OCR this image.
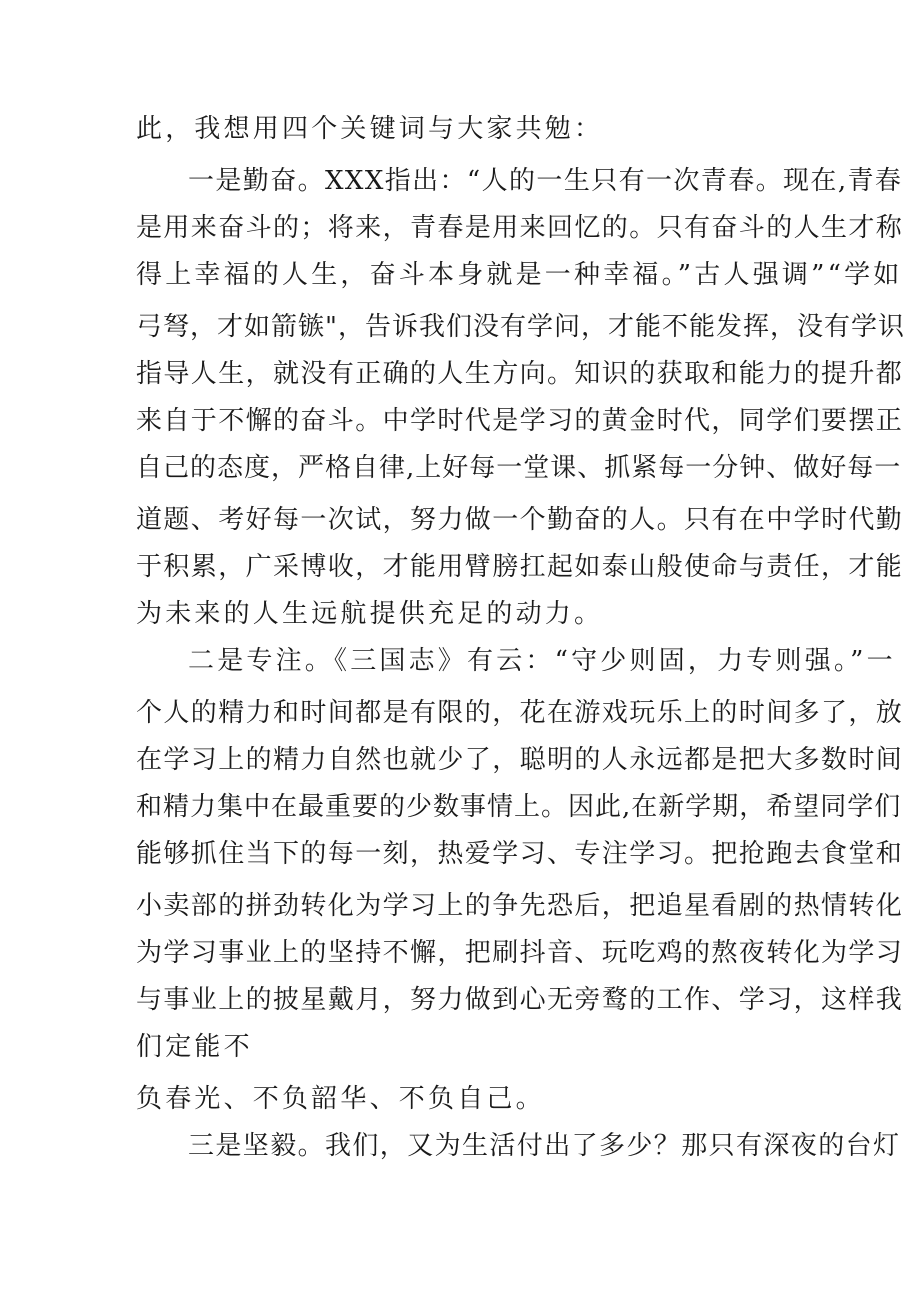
此，我想用四个关键词与大家共勉：
一是勤奋。XXX指出：“人的一生只有一次青春。现在,青春
是用来奋斗的；将来，青春是用来回忆的。只有奋斗的人生才称
得上幸福的人生，奋斗本身就是一种幸福。”古人强调”“学如
弓弩，才如箭镞"，告诉我们没有学问，才能不能发挥，没有学识
指导人生，就没有正确的人生方向。知识的获取和能力的提升都
来自于不懈的奋斗。中学时代是学习的黄金时代，同学们要摆正
自己的态度，严格自律,上好每一堂课、抓紧每一分钟、做好每一
道题、考好每一次试，努力做一个勤奋的人。只有在中学时代勤
于积累，广采博收，才能用臂膀扛起如泰山般使命与责任，才能
为未来的人生远航提供充足的动力。
二是专注。《三国志》有云：“守少则固，力专则强。”一
个人的精力和时间都是有限的，花在游戏玩乐上的时间多了，放
在学习上的精力自然也就少了，聪明的人永远都是把大多数时间
和精力集中在最重要的少数事情上。因此,在新学期，希望同学们
能够抓住当下的每一刻，热爱学习、专注学习。把抢跑去食堂和
小卖部的拼劲转化为学习上的争先恐后，把追星看剧的热情转化
为学习事业上的坚持不懈，把刷抖音、玩吃鸡的熬夜转化为学习
与事业上的披星戴月，努力做到心无旁鹜的工作、学习，这样我
们定能不
负春光、不负韶华、不负自己。
三是坚毅。我们，又为生活付出了多少？那只有深夜的台灯
